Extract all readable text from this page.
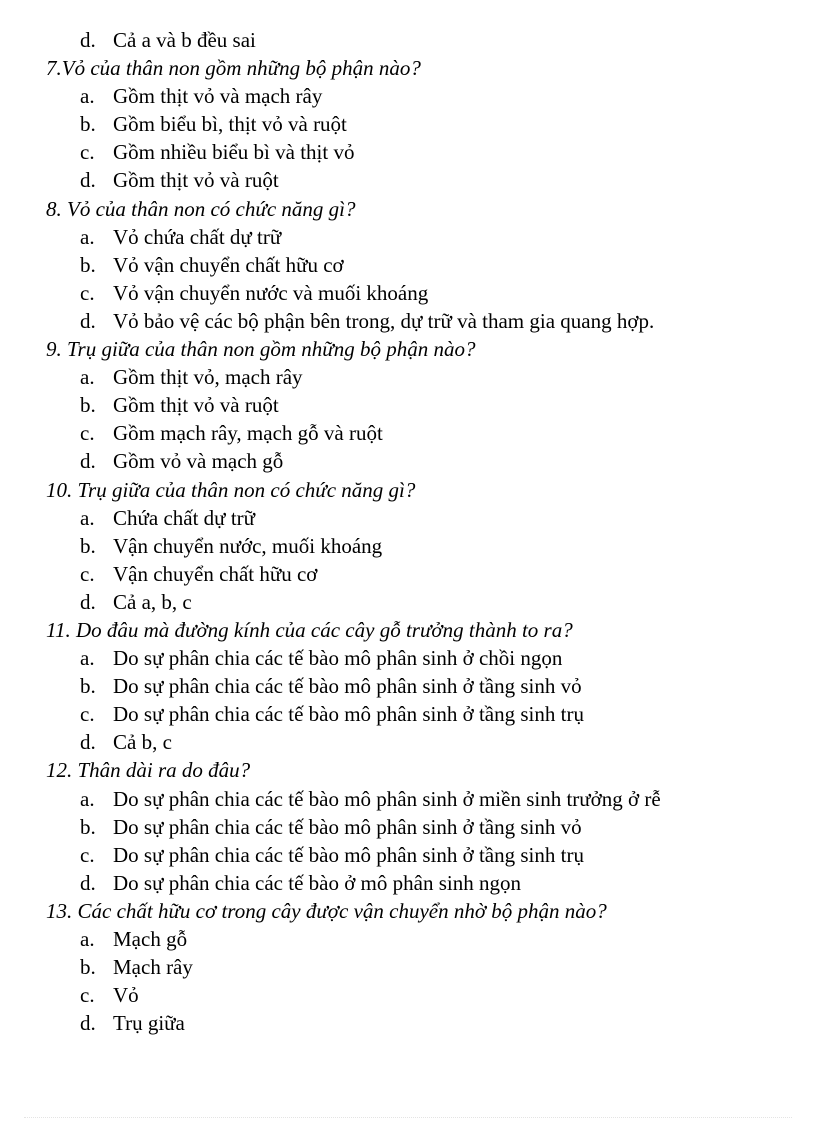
d. Cả a và b đều sai
7.Vỏ của thân non gồm những bộ phận nào?
a. Gồm thịt vỏ và mạch rây
b. Gồm biểu bì, thịt vỏ và ruột
c. Gồm nhiều biểu bì và thịt vỏ
d. Gồm thịt vỏ và ruột
8. Vỏ của thân non có chức năng gì?
a. Vỏ chứa chất dự trữ
b. Vỏ vận chuyển chất hữu cơ
c. Vỏ vận chuyển nước và muối khoáng
d. Vỏ bảo vệ các bộ phận bên trong, dự trữ và tham gia quang hợp.
9. Trụ giữa của thân non gồm những bộ phận nào?
a. Gồm thịt vỏ, mạch rây
b. Gồm thịt vỏ và ruột
c. Gồm mạch rây, mạch gỗ và ruột
d. Gồm vỏ và mạch gỗ
10. Trụ giữa của thân non có chức năng gì?
a. Chứa chất dự trữ
b. Vận chuyển nước, muối khoáng
c. Vận chuyển chất hữu cơ
d. Cả a, b, c
11. Do đâu mà đường kính của các cây gỗ trưởng thành to ra?
a. Do sự phân chia các tế bào mô phân sinh ở chồi ngọn
b. Do sự phân chia các tế bào mô phân sinh ở tầng sinh vỏ
c. Do sự phân chia các tế bào mô phân sinh ở tầng sinh trụ
d. Cả b, c
12. Thân dài ra do đâu?
a. Do sự phân chia các tế bào mô phân sinh ở miền sinh trưởng ở rễ
b. Do sự phân chia các tế bào mô phân sinh ở tầng sinh vỏ
c. Do sự phân chia các tế bào mô phân sinh ở tầng sinh trụ
d. Do sự phân chia các tế bào ở mô phân sinh ngọn
13. Các chất hữu cơ trong cây được vận chuyển nhờ bộ phận nào?
a. Mạch gỗ
b. Mạch rây
c. Vỏ
d. Trụ giữa
